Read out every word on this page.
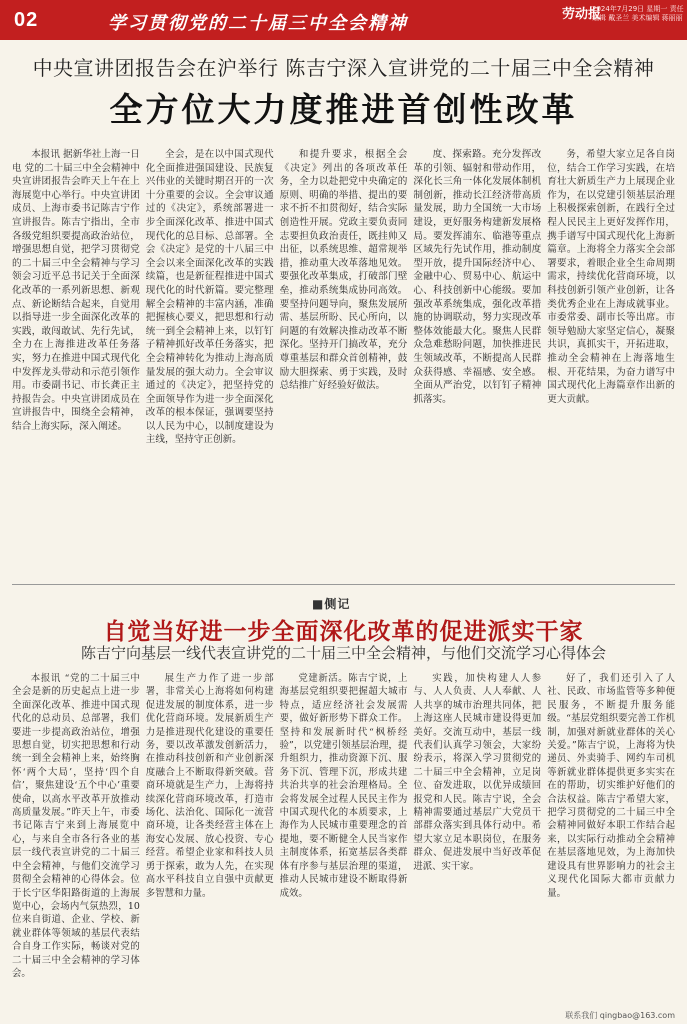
02	学习贯彻党的二十届三中全会精神	劳动报
2024年7月29日 星期一 责任编辑 戴圣兰 美术编辑 蒋丽丽
中央宣讲团报告会在沪举行 陈吉宁深入宣讲党的二十届三中全会精神
全方位大力度推进首创性改革

本报讯 据新华社上海一日电 党的二十届三中全会精神中央宣讲团报告会昨天上午在上海展览中心举行。中央宣讲团成员、上海市委书记陈吉宁作宣讲报告。陈吉宁指出，全市各级党组织要提高政治站位，增强思想自觉，把学习贯彻党的二十届三中全会精神与学习领会习近平总书记关于全面深化改革的一系列新思想、新观点、新论断结合起来，自觉用以指导进一步全面深化改革的实践，敢闯敢试、先行先试，全力在上海推进改革任务落实，努力在推进中国式现代化中发挥龙头带动和示范引领作用。市委副书记、市长龚正主持报告会。中央宣讲团成员在宣讲报告中，围绕全会精神，结合上海实际，深入阐述。

全会，是在以中国式现代化全面推进强国建设、民族复兴伟业的关键时期召开的一次十分重要的会议。全会审议通过的《决定》，系统部署进一步全面深化改革、推进中国式现代化的总目标、总部署。全会《决定》是党的十八届三中全会以来全面深化改革的实践续篇，也是新征程推进中国式现代化的时代新篇。要完整理解全会精神的丰富内涵，准确把握核心要义，把思想和行动统一到全会精神上来，以钉钉子精神抓好改革任务落实，把全会精神转化为推动上海高质量发展的强大动力。全会审议通过的《决定》，把坚持党的全面领导作为进一步全面深化改革的根本保证，强调要坚持以人民为中心，以制度建设为主线，坚持守正创新。

和提升要求，根据全会《决定》列出的各项改革任务，全力以赴把党中央确定的原则、明确的举措、提出的要求不折不扣贯彻好，结合实际创造性开展。党政主要负责同志要担负政治责任，既挂帅又出征，以系统思维、超常规举措，推动重大改革落地见效。要强化改革集成，打破部门壁垒，推动系统集成协同高效。要坚持问题导向，聚焦发展所需、基层所盼、民心所向，以问题的有效解决推动改革不断深化。坚持开门搞改革，充分尊重基层和群众首创精神，鼓励大胆探索、勇于实践，及时总结推广好经验好做法。

度、探索路。充分发挥改革的引领、辐射和带动作用，深化长三角一体化发展体制机制创新，推动长江经济带高质量发展，助力全国统一大市场建设，更好服务构建新发展格局。要发挥浦东、临港等重点区域先行先试作用，推动制度型开放，提升国际经济中心、金融中心、贸易中心、航运中心、科技创新中心能级。要加强改革系统集成，强化改革措施的协调联动，努力实现改革整体效能最大化。聚焦人民群众急难愁盼问题，加快推进民生领域改革，不断提高人民群众获得感、幸福感、安全感。全面从严治党，以钉钉子精神抓落实。

务，希望大家立足各自岗位，结合工作学习实践，在培育壮大新质生产力上展现企业作为，在以党建引领基层治理上积极探索创新，在践行全过程人民民主上更好发挥作用，携手谱写中国式现代化上海新篇章。上海将全力落实全会部署要求，着眼企业全生命周期需求，持续优化营商环境，以科技创新引领产业创新，让各类优秀企业在上海成就事业。市委常委、副市长等出席。市领导勉励大家坚定信心，凝聚共识，真抓实干，开拓进取，推动全会精神在上海落地生根、开花结果，为奋力谱写中国式现代化上海篇章作出新的更大贡献。

■侧记
自觉当好进一步全面深化改革的促进派实干家
陈吉宁向基层一线代表宣讲党的二十届三中全会精神，与他们交流学习心得体会

本报讯 “党的二十届三中全会是新的历史起点上进一步全面深化改革、推进中国式现代化的总动员、总部署，我们要进一步提高政治站位，增强思想自觉，切实把思想和行动统一到全会精神上来，始终胸怀‘两个大局’，坚持‘四个自信’，聚焦建设‘五个中心’重要使命，以高水平改革开放推动高质量发展。”昨天上午，市委书记陈吉宁来到上海展览中心，与来自全市各行各业的基层一线代表宣讲党的二十届三中全会精神，与他们交流学习贯彻全会精神的心得体会。位于长宁区华阳路街道的上海展览中心，会场内气氛热烈，10位来自街道、企业、学校、新就业群体等领域的基层代表结合自身工作实际，畅谈对党的二十届三中全会精神的学习体会。

展生产力作了进一步部署，非常关心上海将如何构建促进发展的制度体系，进一步优化营商环境。发展新质生产力是推进现代化建设的重要任务，要以改革激发创新活力，在推动科技创新和产业创新深度融合上不断取得新突破。营商环境就是生产力，上海将持续深化营商环境改革，打造市场化、法治化、国际化一流营商环境，让各类经营主体在上海安心发展、放心投资、专心经营。希望企业家和科技人员勇于探索，敢为人先，在实现高水平科技自立自强中贡献更多智慧和力量。

党建新活。陈吉宁说，上海基层党组织要把握超大城市特点，适应经济社会发展需要，做好新形势下群众工作。坚持和发展新时代“枫桥经验”，以党建引领基层治理，提升组织力，推动资源下沉、服务下沉、管理下沉，形成共建共治共享的社会治理格局。全会将发展全过程人民民主作为中国式现代化的本质要求，上海作为人民城市重要理念的首提地，要不断健全人民当家作主制度体系，拓宽基层各类群体有序参与基层治理的渠道，推动人民城市建设不断取得新成效。

实践，加快构建人人参与、人人负责、人人奉献、人人共享的城市治理共同体，把上海这座人民城市建设得更加美好。交流互动中，基层一线代表们认真学习领会，大家纷纷表示，将深入学习贯彻党的二十届三中全会精神，立足岗位、奋发进取，以优异成绩回报党和人民。陈吉宁说，全会精神需要通过基层广大党员干部群众落实到具体行动中。希望大家立足本职岗位，在服务群众、促进发展中当好改革促进派、实干家。

好了，我们还引入了人社、民政、市场监管等多种便民服务，不断提升服务能级。“基层党组织要完善工作机制，加强对新就业群体的关心关爱。”陈吉宁说，上海将为快递员、外卖骑手、网约车司机等新就业群体提供更多实实在在的帮助，切实维护好他们的合法权益。陈吉宁希望大家，把学习贯彻党的二十届三中全会精神同做好本职工作结合起来，以实际行动推动全会精神在基层落地见效，为上海加快建设具有世界影响力的社会主义现代化国际大都市贡献力量。

联系我们 qingbao@163.com
